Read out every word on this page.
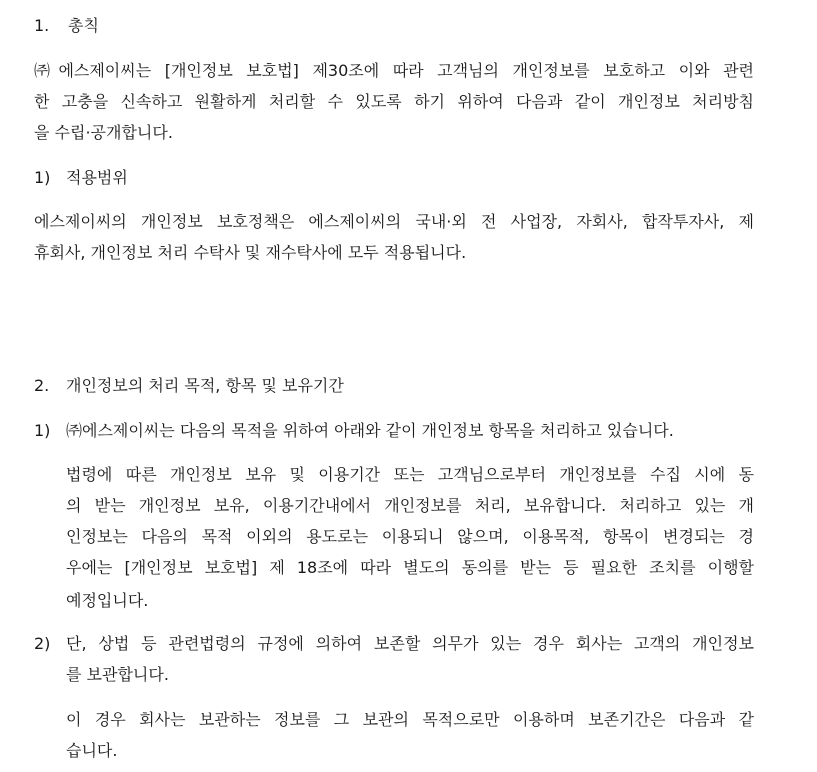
1. 총칙
㈜에스제이씨는 [개인정보 보호법] 제30조에 따라 고객님의 개인정보를 보호하고 이와 관련
한 고충을 신속하고 원활하게 처리할 수 있도록 하기 위하여 다음과 같이 개인정보 처리방침
을 수립·공개합니다.
1) 적용범위
에스제이씨의 개인정보 보호정책은 에스제이씨의 국내·외 전 사업장, 자회사, 합작투자사, 제
휴회사, 개인정보 처리 수탁사 및 재수탁사에 모두 적용됩니다.
2. 개인정보의 처리 목적, 항목 및 보유기간
1) ㈜에스제이씨는 다음의 목적을 위하여 아래와 같이 개인정보 항목을 처리하고 있습니다.
법령에 따른 개인정보 보유 및 이용기간 또는 고객님으로부터 개인정보를 수집 시에 동
의 받는 개인정보 보유, 이용기간내에서 개인정보를 처리, 보유합니다. 처리하고 있는 개
인정보는 다음의 목적 이외의 용도로는 이용되니 않으며, 이용목적, 항목이 변경되는 경
우에는 [개인정보 보호법] 제 18조에 따라 별도의 동의를 받는 등 필요한 조치를 이행할
예정입니다.
2) 단, 상법 등 관련법령의 규정에 의하여 보존할 의무가 있는 경우 회사는 고객의 개인정보
를 보관합니다.
이 경우 회사는 보관하는 정보를 그 보관의 목적으로만 이용하며 보존기간은 다음과 같
습니다.
